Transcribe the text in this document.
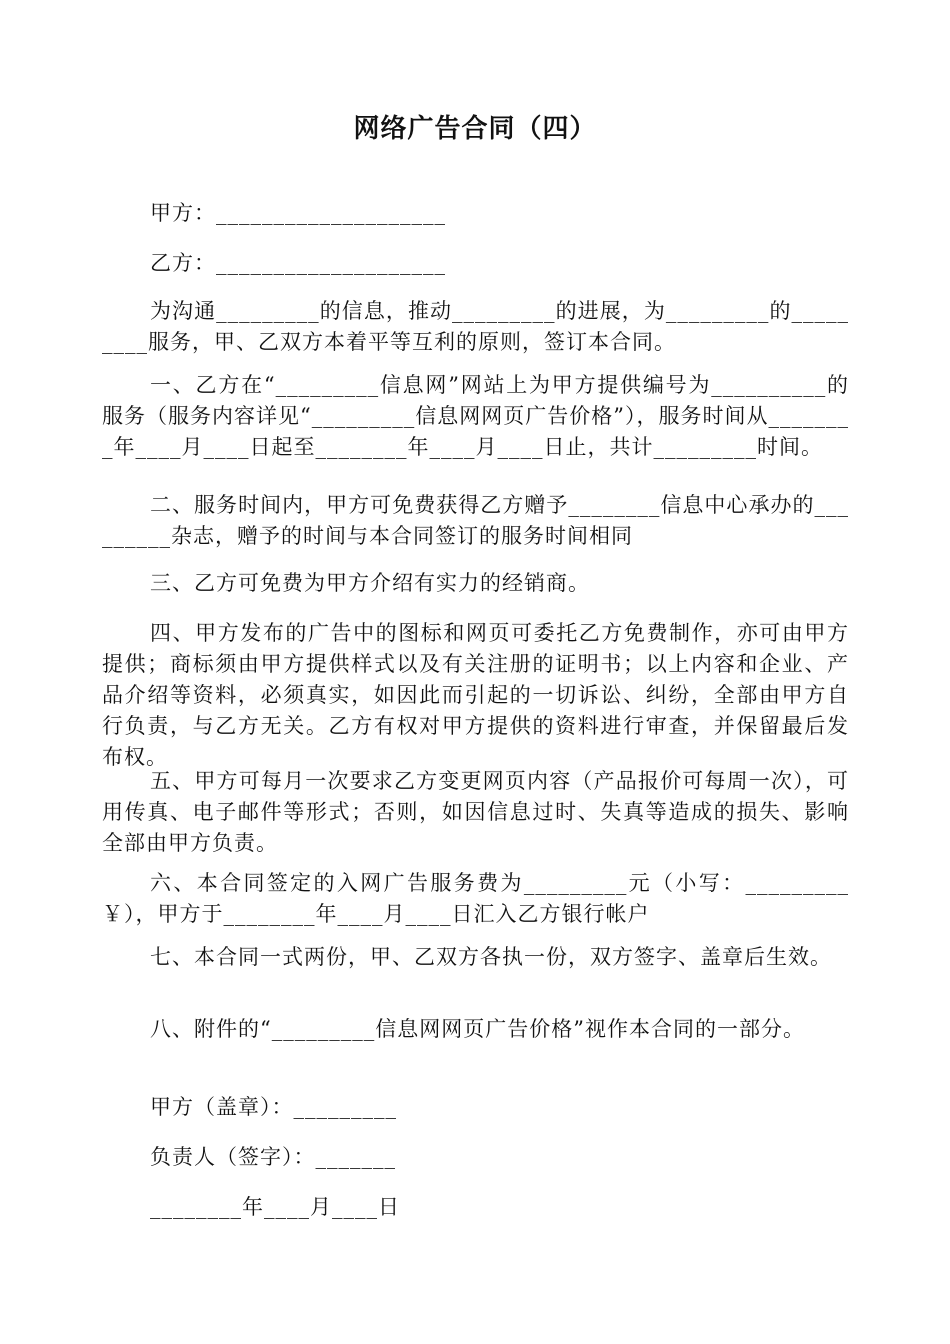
网络广告合同（四）

甲方：____________________

乙方：____________________

为沟通_________的信息，推动_________的进展，为_________的_________服务，甲、乙双方本着平等互利的原则，签订本合同。

一、乙方在“_________信息网”网站上为甲方提供编号为__________的服务（服务内容详见“_________信息网网页广告价格”），服务时间从________年____月____日起至________年____月____日止，共计_________时间。

二、服务时间内，甲方可免费获得乙方赠予________信息中心承办的_________杂志，赠予的时间与本合同签订的服务时间相同

三、乙方可免费为甲方介绍有实力的经销商。

四、甲方发布的广告中的图标和网页可委托乙方免费制作，亦可由甲方提供；商标须由甲方提供样式以及有关注册的证明书；以上内容和企业、产品介绍等资料，必须真实，如因此而引起的一切诉讼、纠纷，全部由甲方自行负责，与乙方无关。乙方有权对甲方提供的资料进行审查，并保留最后发布权。

五、甲方可每月一次要求乙方变更网页内容（产品报价可每周一次），可用传真、电子邮件等形式；否则，如因信息过时、失真等造成的损失、影响全部由甲方负责。

六、本合同签定的入网广告服务费为_________元（小写：_________￥），甲方于________年____月____日汇入乙方银行帐户

七、本合同一式两份，甲、乙双方各执一份，双方签字、盖章后生效。

八、附件的“_________信息网网页广告价格”视作本合同的一部分。

甲方（盖章）：_________

负责人（签字）：_______

________年____月____日
